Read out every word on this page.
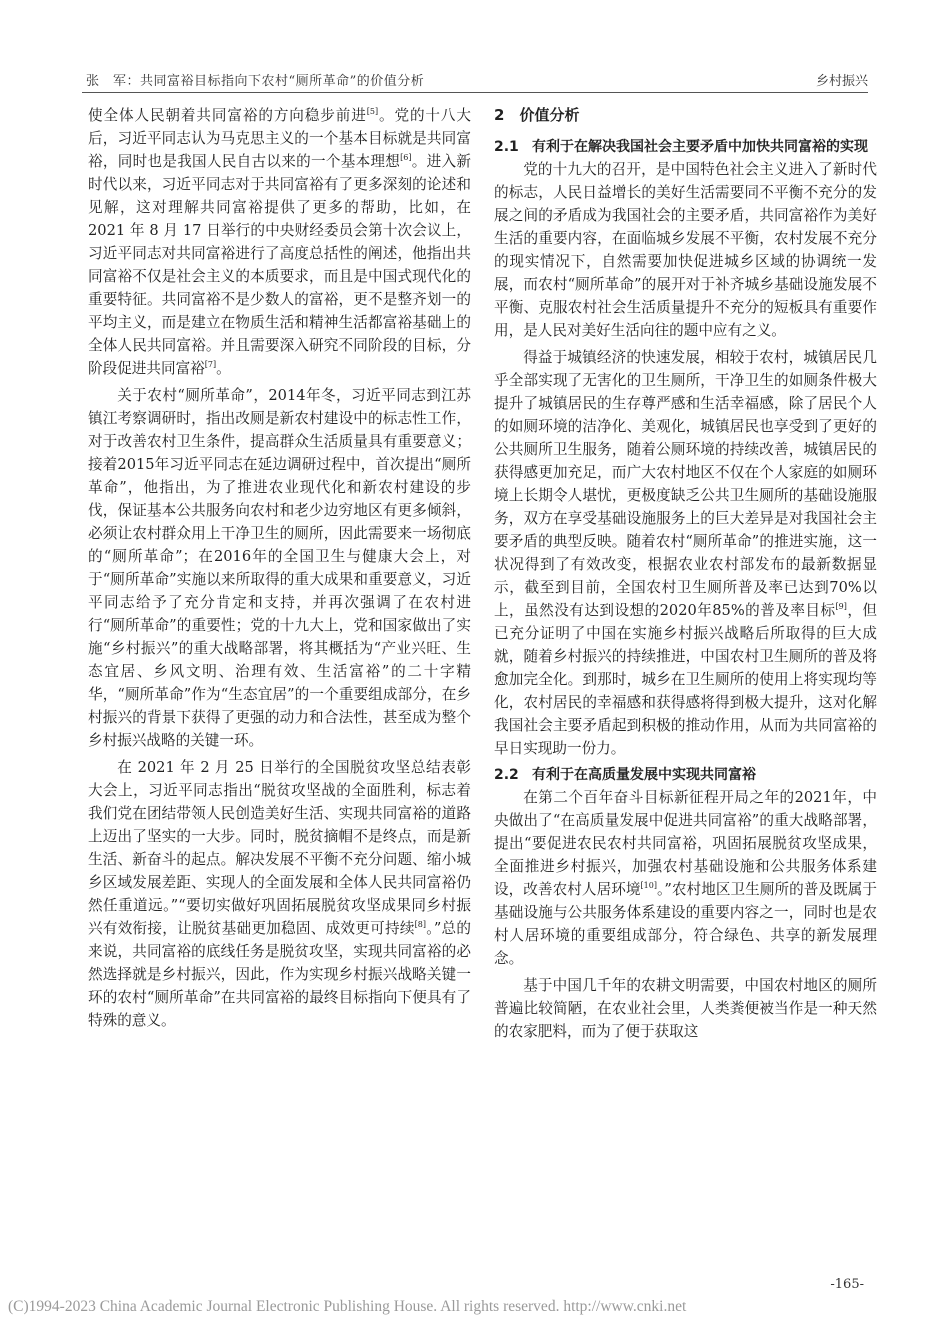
张　军：共同富裕目标指向下农村“厕所革命”的价值分析	乡村振兴

使全体人民朝着共同富裕的方向稳步前进[5]。党的十八大后，习近平同志认为马克思主义的一个基本目标就是共同富裕，同时也是我国人民自古以来的一个基本理想[6]。进入新时代以来，习近平同志对于共同富裕有了更多深刻的论述和见解，这对理解共同富裕提供了更多的帮助，比如，在2021 年 8 月 17 日举行的中央财经委员会第十次会议上，习近平同志对共同富裕进行了高度总括性的阐述，他指出共同富裕不仅是社会主义的本质要求，而且是中国式现代化的重要特征。共同富裕不是少数人的富裕，更不是整齐划一的平均主义，而是建立在物质生活和精神生活都富裕基础上的全体人民共同富裕。并且需要深入研究不同阶段的目标，分阶段促进共同富裕[7]。

关于农村“厕所革命”，2014年冬，习近平同志到江苏镇江考察调研时，指出改厕是新农村建设中的标志性工作，对于改善农村卫生条件，提高群众生活质量具有重要意义；接着2015年习近平同志在延边调研过程中，首次提出“厕所革命”，他指出，为了推进农业现代化和新农村建设的步伐，保证基本公共服务向农村和老少边穷地区有更多倾斜，必须让农村群众用上干净卫生的厕所，因此需要来一场彻底的“厕所革命”；在2016年的全国卫生与健康大会上，对于“厕所革命”实施以来所取得的重大成果和重要意义，习近平同志给予了充分肯定和支持，并再次强调了在农村进行“厕所革命”的重要性；党的十九大上，党和国家做出了实施“乡村振兴”的重大战略部署，将其概括为“产业兴旺、生态宜居、乡风文明、治理有效、生活富裕”的二十字精华，“厕所革命”作为“生态宜居”的一个重要组成部分，在乡村振兴的背景下获得了更强的动力和合法性，甚至成为整个乡村振兴战略的关键一环。

在 2021 年 2 月 25 日举行的全国脱贫攻坚总结表彰大会上，习近平同志指出“脱贫攻坚战的全面胜利，标志着我们党在团结带领人民创造美好生活、实现共同富裕的道路上迈出了坚实的一大步。同时，脱贫摘帽不是终点，而是新生活、新奋斗的起点。解决发展不平衡不充分问题、缩小城乡区域发展差距、实现人的全面发展和全体人民共同富裕仍然任重道远。”“要切实做好巩固拓展脱贫攻坚成果同乡村振兴有效衔接，让脱贫基础更加稳固、成效更可持续[8]。”总的来说，共同富裕的底线任务是脱贫攻坚，实现共同富裕的必然选择就是乡村振兴，因此，作为实现乡村振兴战略关键一环的农村“厕所革命”在共同富裕的最终目标指向下便具有了特殊的意义。

2  价值分析
2.1 有利于在解决我国社会主要矛盾中加快共同富裕的实现

党的十九大的召开，是中国特色社会主义进入了新时代的标志，人民日益增长的美好生活需要同不平衡不充分的发展之间的矛盾成为我国社会的主要矛盾，共同富裕作为美好生活的重要内容，在面临城乡发展不平衡，农村发展不充分的现实情况下，自然需要加快促进城乡区域的协调统一发展，而农村“厕所革命”的展开对于补齐城乡基础设施发展不平衡、克服农村社会生活质量提升不充分的短板具有重要作用，是人民对美好生活向往的题中应有之义。

得益于城镇经济的快速发展，相较于农村，城镇居民几乎全部实现了无害化的卫生厕所，干净卫生的如厕条件极大提升了城镇居民的生存尊严感和生活幸福感，除了居民个人的如厕环境的洁净化、美观化，城镇居民也享受到了更好的公共厕所卫生服务，随着公厕环境的持续改善，城镇居民的获得感更加充足，而广大农村地区不仅在个人家庭的如厕环境上长期令人堪忧，更极度缺乏公共卫生厕所的基础设施服务，双方在享受基础设施服务上的巨大差异是对我国社会主要矛盾的典型反映。随着农村“厕所革命”的推进实施，这一状况得到了有效改变，根据农业农村部发布的最新数据显示，截至到目前，全国农村卫生厕所普及率已达到70%以上，虽然没有达到设想的2020年85%的普及率目标[9]，但已充分证明了中国在实施乡村振兴战略后所取得的巨大成就，随着乡村振兴的持续推进，中国农村卫生厕所的普及将愈加完全化。到那时，城乡在卫生厕所的使用上将实现均等化，农村居民的幸福感和获得感将得到极大提升，这对化解我国社会主要矛盾起到积极的推动作用，从而为共同富裕的早日实现助一份力。

2.2 有利于在高质量发展中实现共同富裕

在第二个百年奋斗目标新征程开局之年的2021年，中央做出了“在高质量发展中促进共同富裕”的重大战略部署，提出“要促进农民农村共同富裕，巩固拓展脱贫攻坚成果，全面推进乡村振兴，加强农村基础设施和公共服务体系建设，改善农村人居环境[10]。”农村地区卫生厕所的普及既属于基础设施与公共服务体系建设的重要内容之一，同时也是农村人居环境的重要组成部分，符合绿色、共享的新发展理念。

基于中国几千年的农耕文明需要，中国农村地区的厕所普遍比较简陋，在农业社会里，人类粪便被当作是一种天然的农家肥料，而为了便于获取这

-165-
(C)1994-2023 China Academic Journal Electronic Publishing House. All rights reserved. http://www.cnki.net
